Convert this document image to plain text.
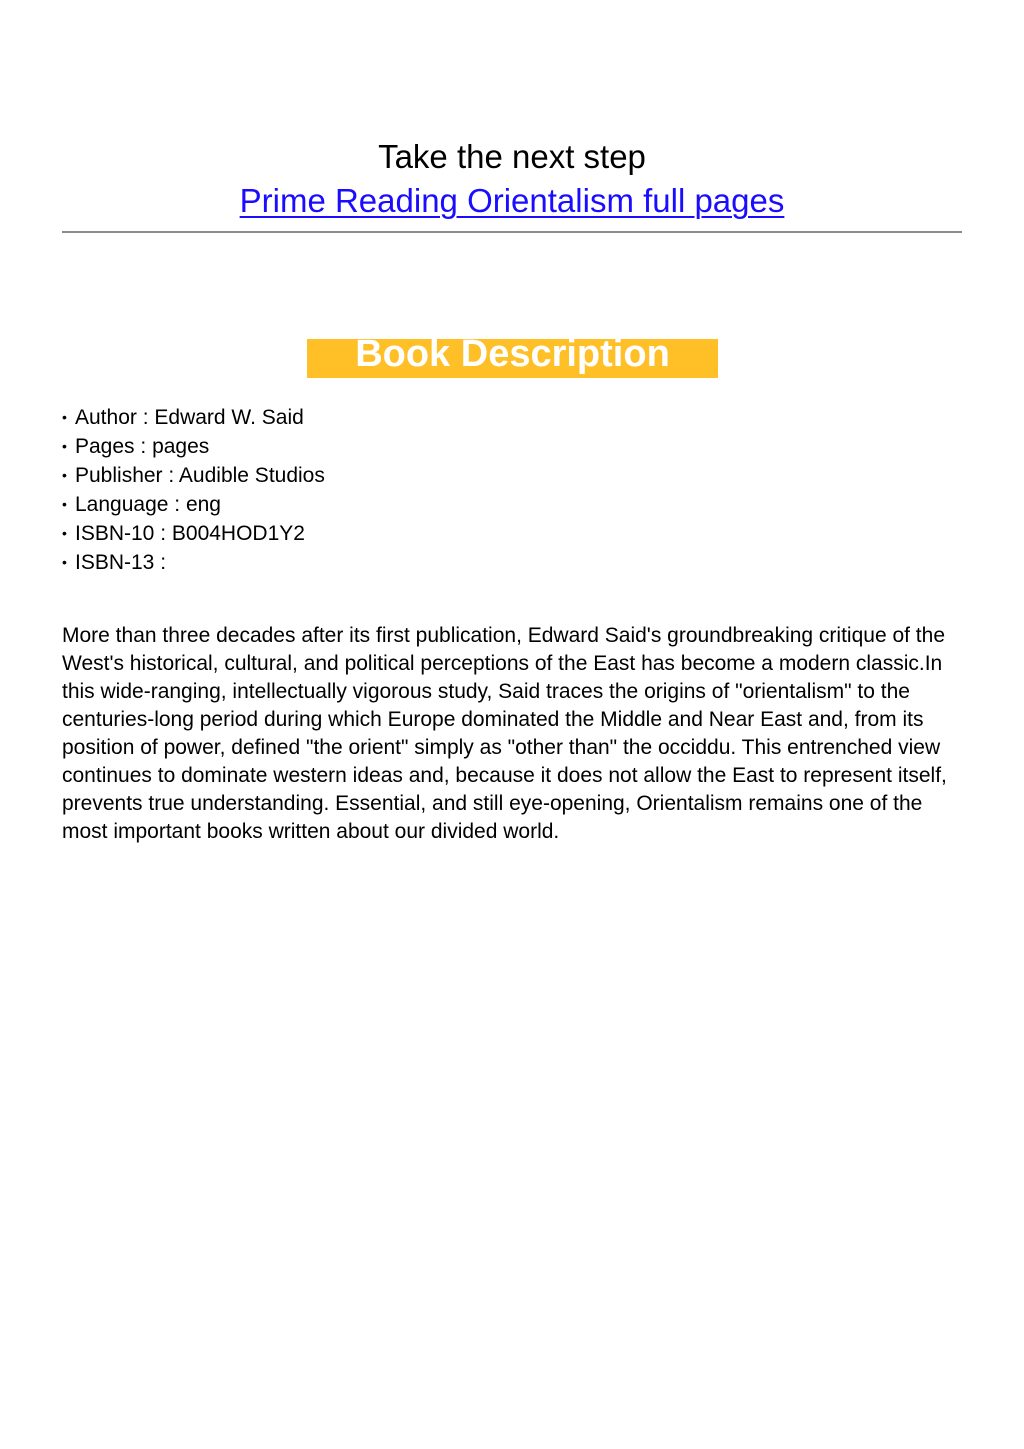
Take the next step
Prime Reading Orientalism full pages
Book Description
• Author : Edward W. Said
• Pages : pages
• Publisher : Audible Studios
• Language : eng
• ISBN-10 : B004HOD1Y2
• ISBN-13 :

More than three decades after its first publication, Edward Said's groundbreaking critique of the West's historical, cultural, and political perceptions of the East has become a modern classic.In this wide-ranging, intellectually vigorous study, Said traces the origins of "orientalism" to the centuries-long period during which Europe dominated the Middle and Near East and, from its position of power, defined "the orient" simply as "other than" the occiddu. This entrenched view continues to dominate western ideas and, because it does not allow the East to represent itself, prevents true understanding. Essential, and still eye-opening, Orientalism remains one of the most important books written about our divided world.
